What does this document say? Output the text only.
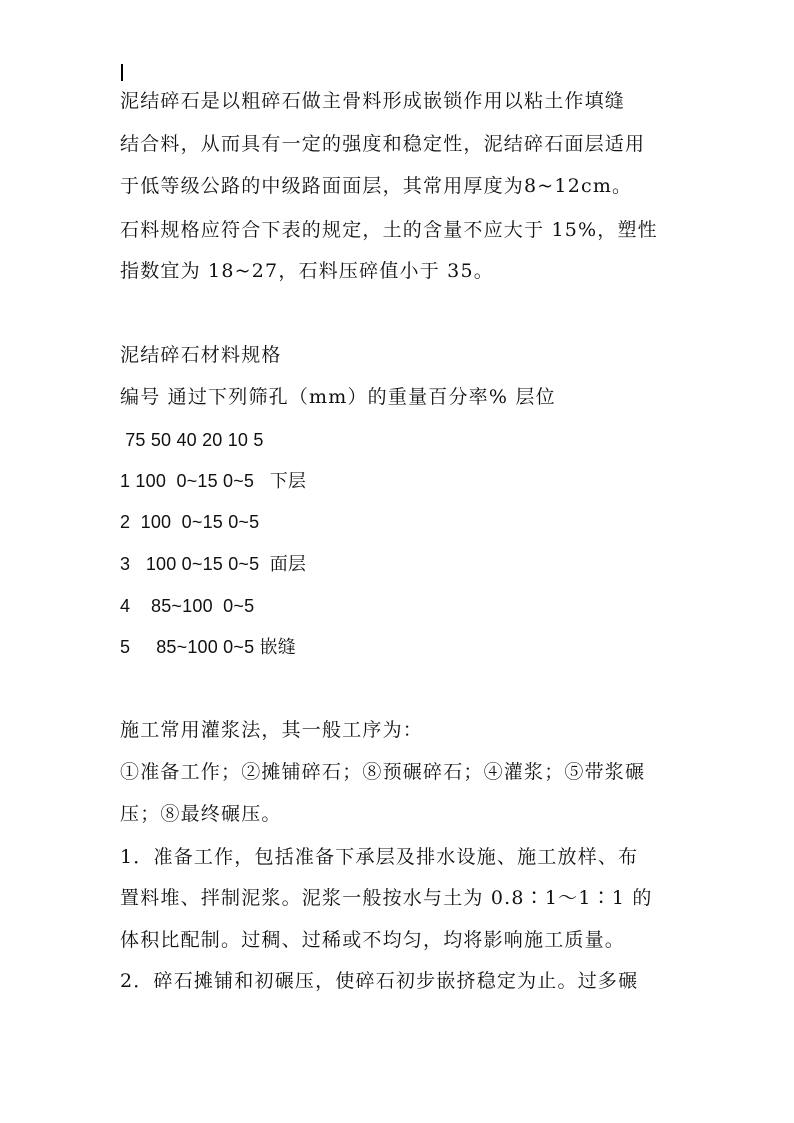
泥结碎石是以粗碎石做主骨料形成嵌锁作用以粘土作填缝
结合料，从而具有一定的强度和稳定性，泥结碎石面层适用
于低等级公路的中级路面面层，其常用厚度为8~12cm。
石料规格应符合下表的规定，土的含量不应大于 15%，塑性
指数宜为 18~27，石料压碎值小于 35。
泥结碎石材料规格
编号 通过下列筛孔（mm）的重量百分率% 层位
75 50 40 20 10 5
1 100  0~15 0~5   下层
2  100  0~15 0~5
3   100 0~15 0~5  面层
4    85~100  0~5
5     85~100 0~5 嵌缝
施工常用灌浆法，其一般工序为：
①准备工作；②摊铺碎石；⑧预碾碎石；④灌浆；⑤带浆碾
压；⑧最终碾压。
1．准备工作，包括准备下承层及排水设施、施工放样、布
置料堆、拌制泥浆。泥浆一般按水与土为 0.8∶1～1∶1 的
体积比配制。过稠、过稀或不均匀，均将影响施工质量。
2．碎石摊铺和初碾压，使碎石初步嵌挤稳定为止。过多碾
